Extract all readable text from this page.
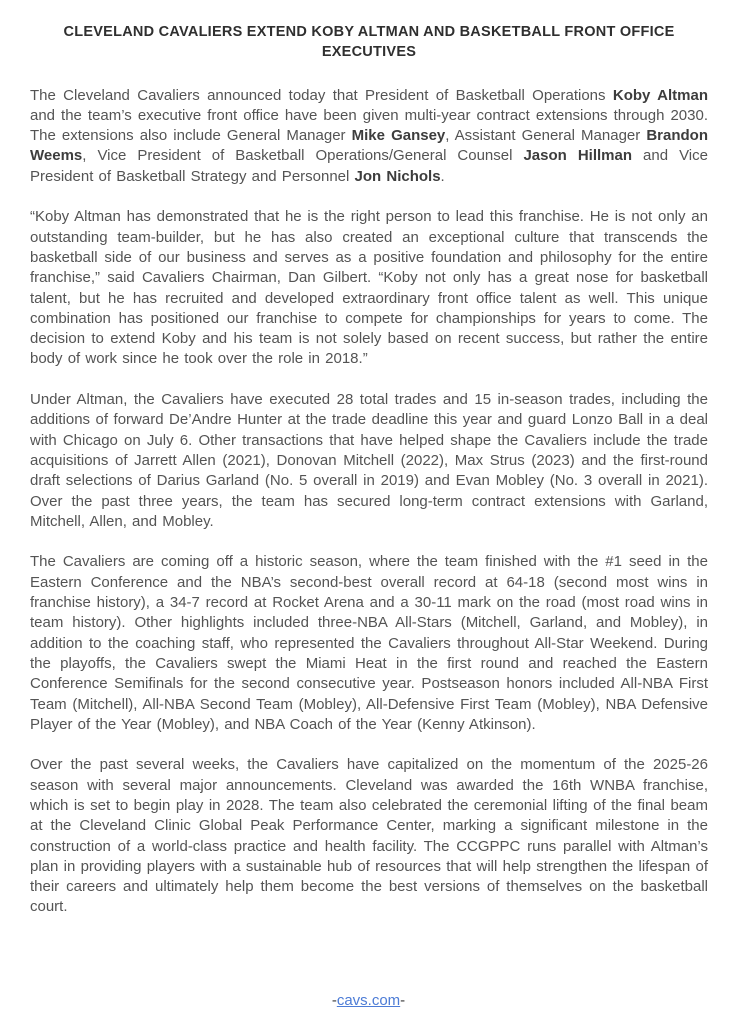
CLEVELAND CAVALIERS EXTEND KOBY ALTMAN AND BASKETBALL FRONT OFFICE
EXECUTIVES

The Cleveland Cavaliers announced today that President of Basketball Operations Koby Altman and the team’s executive front office have been given multi-year contract extensions through 2030. The extensions also include General Manager Mike Gansey, Assistant General Manager Brandon Weems, Vice President of Basketball Operations/General Counsel Jason Hillman and Vice President of Basketball Strategy and Personnel Jon Nichols.

“Koby Altman has demonstrated that he is the right person to lead this franchise. He is not only an outstanding team-builder, but he has also created an exceptional culture that transcends the basketball side of our business and serves as a positive foundation and philosophy for the entire franchise,” said Cavaliers Chairman, Dan Gilbert. “Koby not only has a great nose for basketball talent, but he has recruited and developed extraordinary front office talent as well. This unique combination has positioned our franchise to compete for championships for years to come. The decision to extend Koby and his team is not solely based on recent success, but rather the entire body of work since he took over the role in 2018.”

Under Altman, the Cavaliers have executed 28 total trades and 15 in-season trades, including the additions of forward De’Andre Hunter at the trade deadline this year and guard Lonzo Ball in a deal with Chicago on July 6. Other transactions that have helped shape the Cavaliers include the trade acquisitions of Jarrett Allen (2021), Donovan Mitchell (2022), Max Strus (2023) and the first-round draft selections of Darius Garland (No. 5 overall in 2019) and Evan Mobley (No. 3 overall in 2021). Over the past three years, the team has secured long-term contract extensions with Garland, Mitchell, Allen, and Mobley.

The Cavaliers are coming off a historic season, where the team finished with the #1 seed in the Eastern Conference and the NBA’s second-best overall record at 64-18 (second most wins in franchise history), a 34-7 record at Rocket Arena and a 30-11 mark on the road (most road wins in team history). Other highlights included three-NBA All-Stars (Mitchell, Garland, and Mobley), in addition to the coaching staff, who represented the Cavaliers throughout All-Star Weekend. During the playoffs, the Cavaliers swept the Miami Heat in the first round and reached the Eastern Conference Semifinals for the second consecutive year. Postseason honors included All-NBA First Team (Mitchell), All-NBA Second Team (Mobley), All-Defensive First Team (Mobley), NBA Defensive Player of the Year (Mobley), and NBA Coach of the Year (Kenny Atkinson).

Over the past several weeks, the Cavaliers have capitalized on the momentum of the 2025-26 season with several major announcements. Cleveland was awarded the 16th WNBA franchise, which is set to begin play in 2028. The team also celebrated the ceremonial lifting of the final beam at the Cleveland Clinic Global Peak Performance Center, marking a significant milestone in the construction of a world-class practice and health facility. The CCGPPC runs parallel with Altman’s plan in providing players with a sustainable hub of resources that will help strengthen the lifespan of their careers and ultimately help them become the best versions of themselves on the basketball court.

-cavs.com-
